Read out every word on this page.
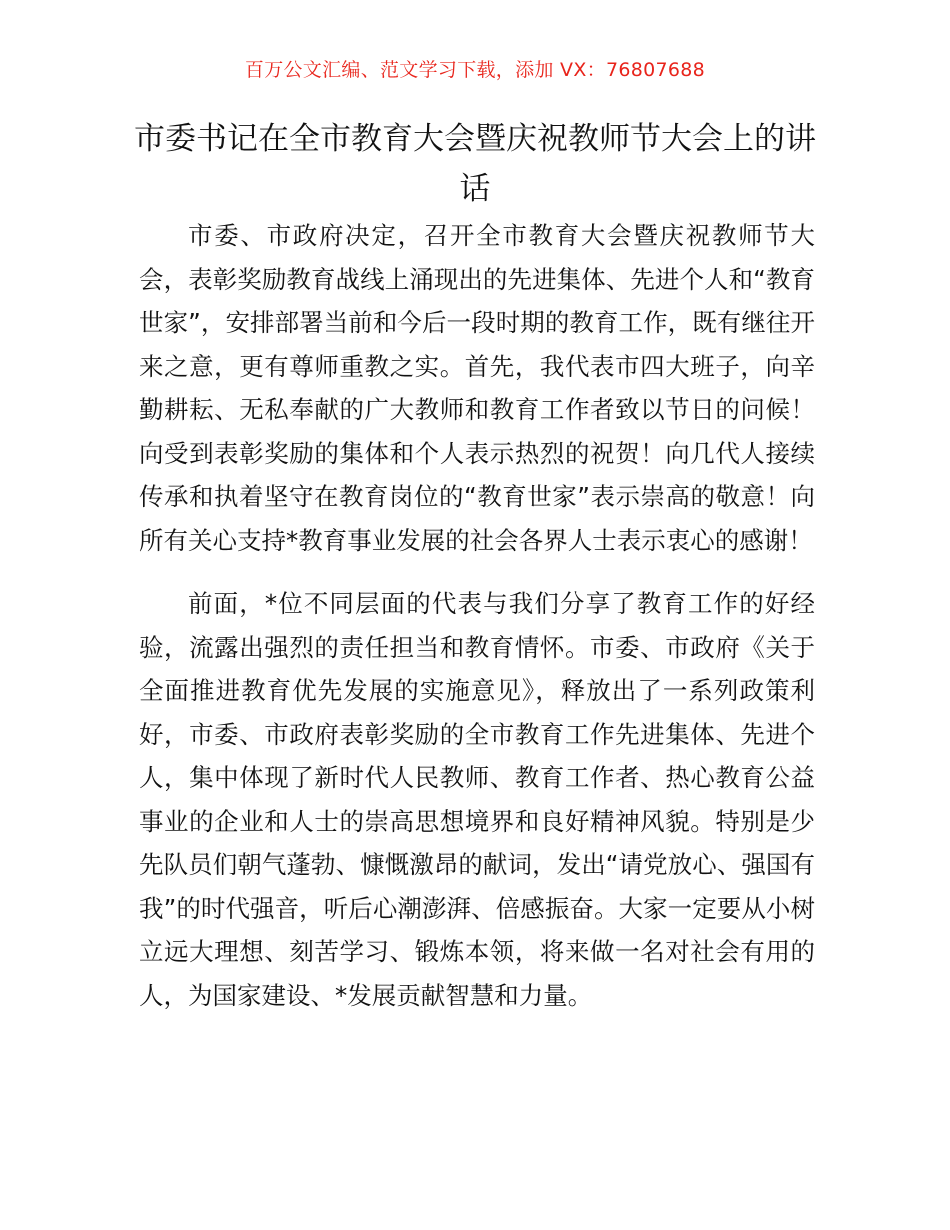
百万公文汇编、范文学习下载，添加 VX：76807688
市委书记在全市教育大会暨庆祝教师节大会上的讲话

市委、市政府决定，召开全市教育大会暨庆祝教师节大会，表彰奖励教育战线上涌现出的先进集体、先进个人和“教育世家”，安排部署当前和今后一段时期的教育工作，既有继往开来之意，更有尊师重教之实。首先，我代表市四大班子，向辛勤耕耘、无私奉献的广大教师和教育工作者致以节日的问候！向受到表彰奖励的集体和个人表示热烈的祝贺！向几代人接续传承和执着坚守在教育岗位的“教育世家”表示崇高的敬意！向所有关心支持*教育事业发展的社会各界人士表示衷心的感谢！

前面，*位不同层面的代表与我们分享了教育工作的好经验，流露出强烈的责任担当和教育情怀。市委、市政府《关于全面推进教育优先发展的实施意见》，释放出了一系列政策利好，市委、市政府表彰奖励的全市教育工作先进集体、先进个人，集中体现了新时代人民教师、教育工作者、热心教育公益事业的企业和人士的崇高思想境界和良好精神风貌。特别是少先队员们朝气蓬勃、慷慨激昂的献词，发出“请党放心、强国有我”的时代强音，听后心潮澎湃、倍感振奋。大家一定要从小树立远大理想、刻苦学习、锻炼本领，将来做一名对社会有用的人，为国家建设、*发展贡献智慧和力量。
